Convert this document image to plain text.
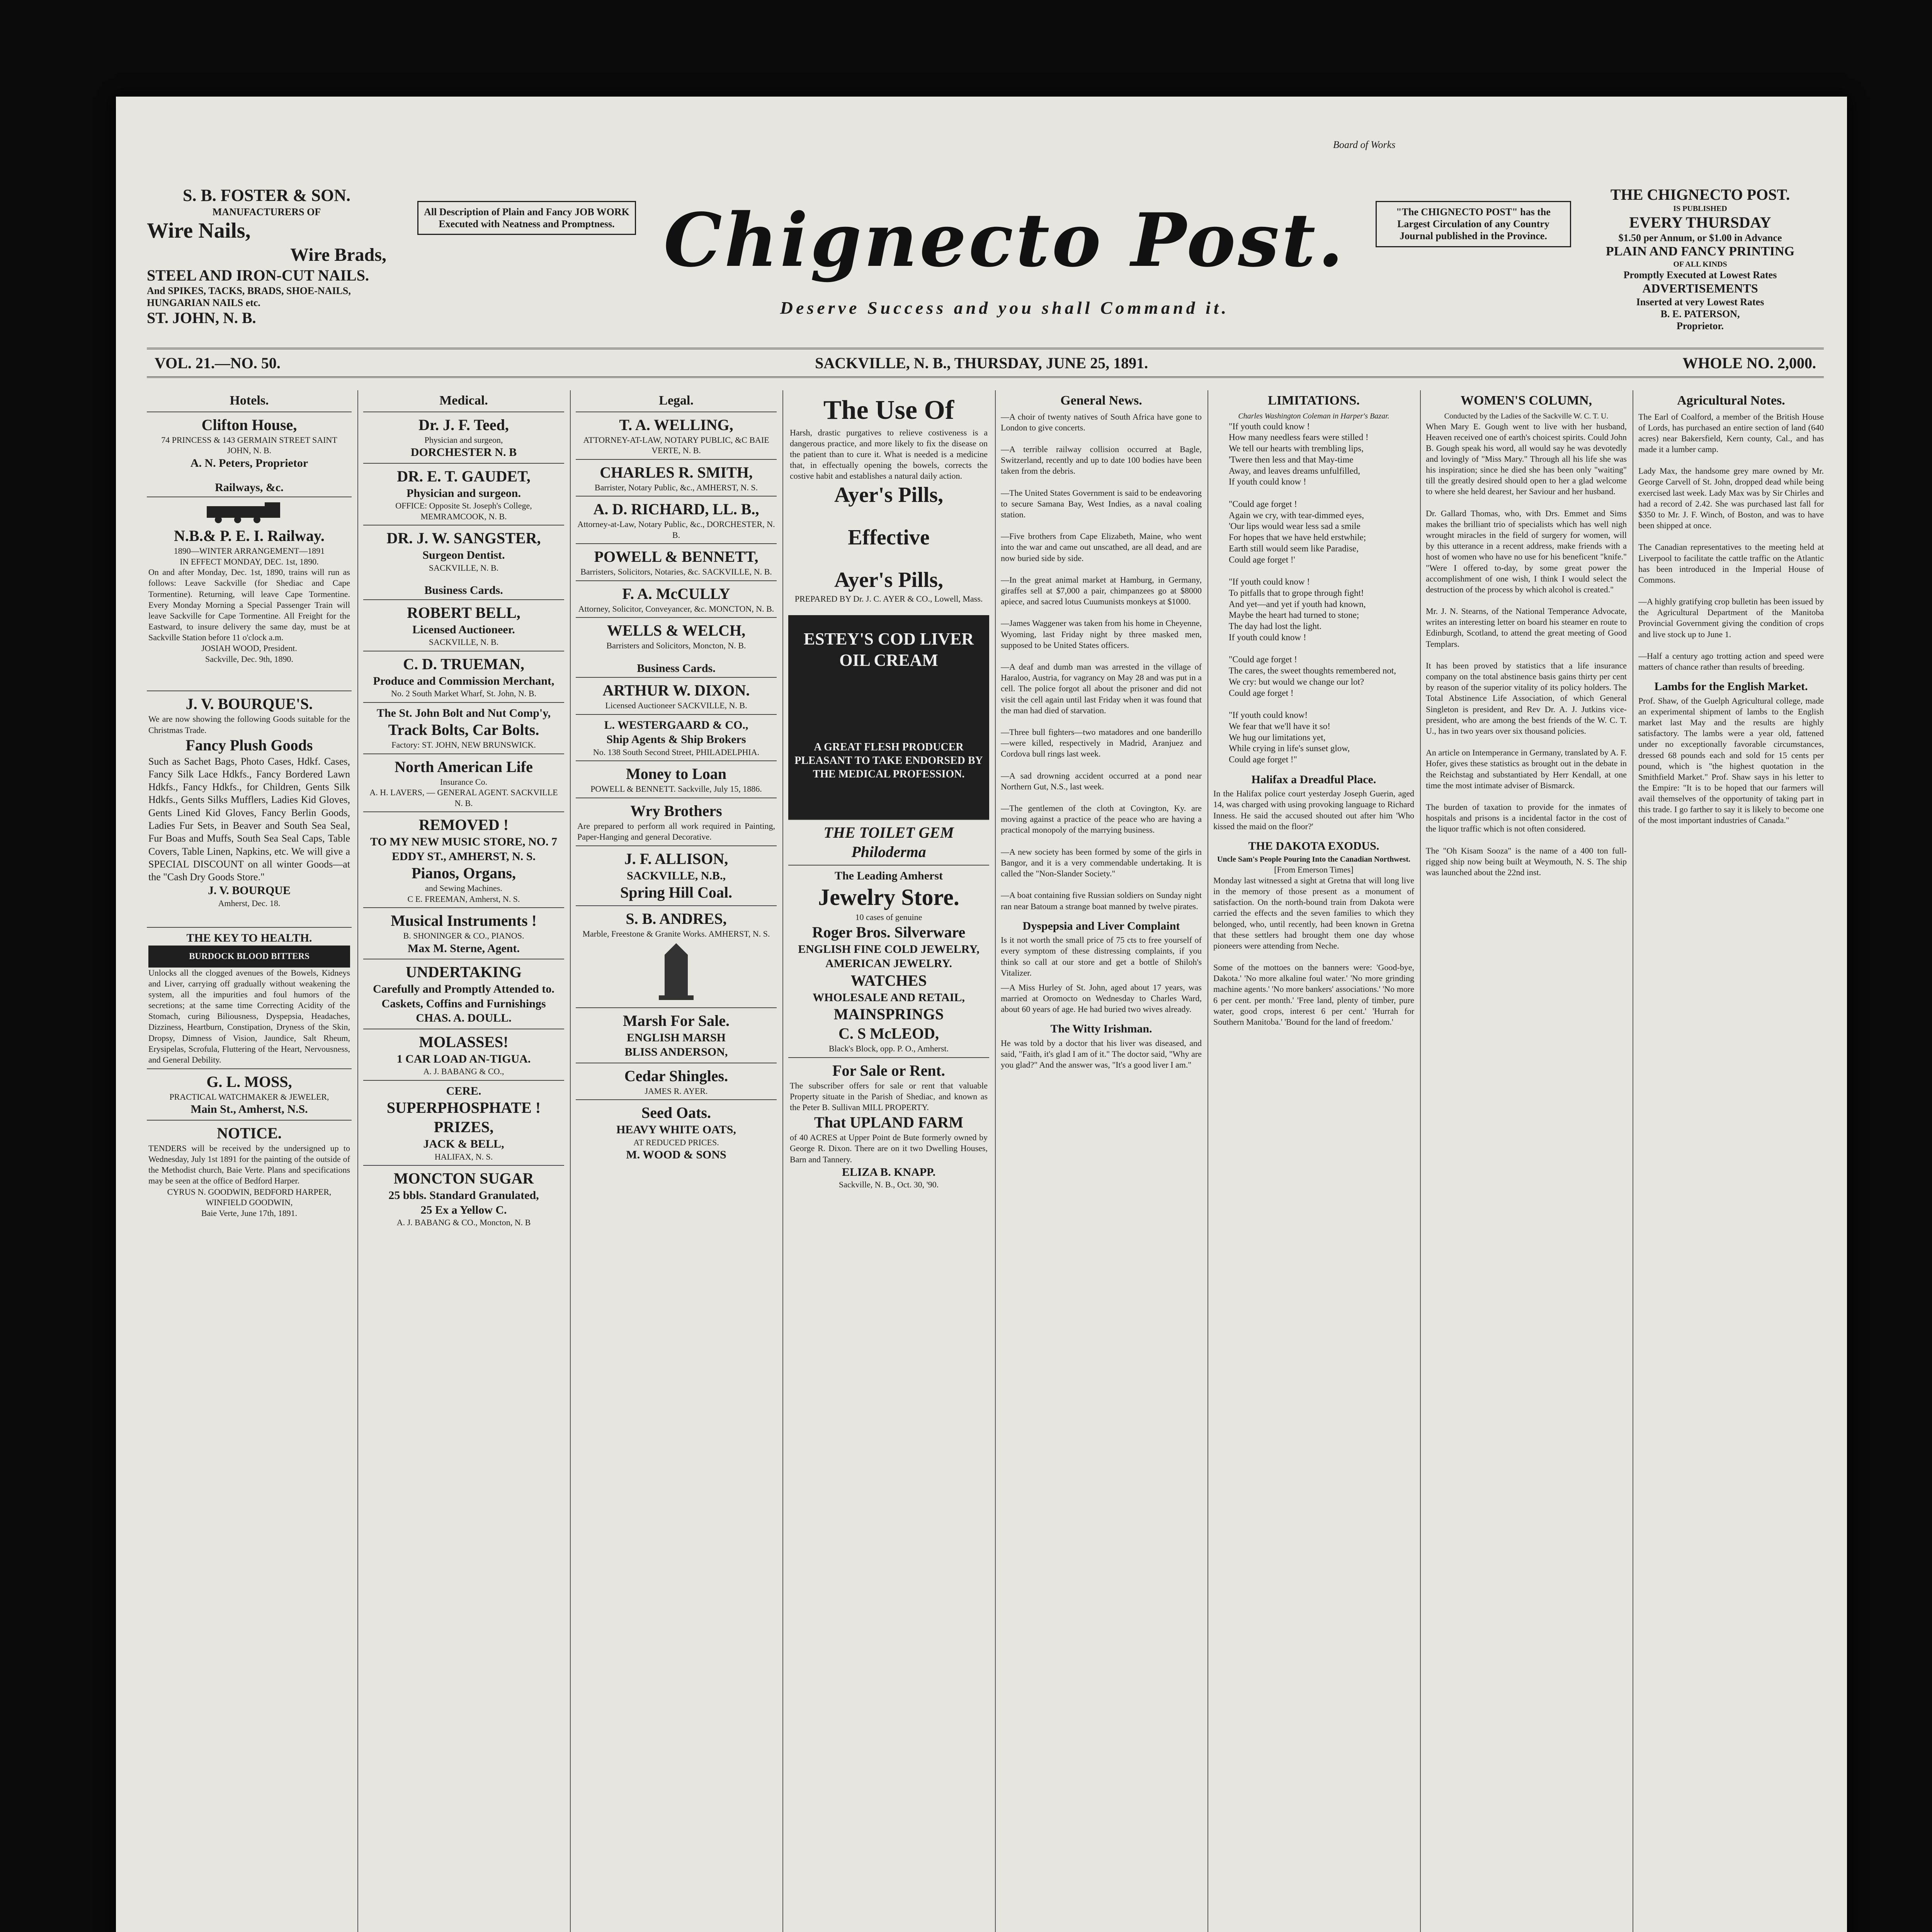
Board of Works
S. B. FOSTER & SON.
MANUFACTURERS OF
Wire Nails,
Wire Brads,
STEEL AND IRON-CUT NAILS.
And SPIKES, TACKS, BRADS, SHOE-NAILS, HUNGARIAN NAILS etc.
ST. JOHN, N. B.
All Description of Plain and Fancy JOB WORK Executed with Neatness and Promptness. Chignecto Post.
Deserve Success and you shall Command it.
"The CHIGNECTO POST" has the Largest Circulation of any Country Journal published in the Province.
THE CHIGNECTO POST.
IS PUBLISHED
EVERY THURSDAY
$1.50 per Annum, or $1.00 in Advance
PLAIN AND FANCY PRINTING
OF ALL KINDS
Promptly Executed at Lowest Rates
ADVERTISEMENTS
Inserted at very Lowest Rates
B. E. PATERSON,
Proprietor.
VOL. 21.—NO. 50.	SACKVILLE, N. B., THURSDAY, JUNE 25, 1891.	WHOLE NO. 2,000.
Hotels.
Clifton House,
74 PRINCESS & 143 GERMAIN STREET SAINT JOHN, N. B.
A. N. Peters, Proprietor
Railways, &c.
N.B.& P. E. I. Railway.
1890—WINTER ARRANGEMENT—1891
IN EFFECT MONDAY, DEC. 1st, 1890.
On and after Monday, Dec. 1st, 1890, trains will run as follows: Leave Sackville (for Shediac and Cape Tormentine). Returning, will leave Cape Tormentine. Every Monday Morning a Special Passenger Train will leave Sackville for Cape Tormentine. All Freight for the Eastward, to insure delivery the same day, must be at Sackville Station before 11 o'clock a.m.
JOSIAH WOOD, President.
Sackville, Dec. 9th, 1890.
J. V. BOURQUE'S.
We are now showing the following Goods suitable for the Christmas Trade.
Fancy Plush Goods
Such as Sachet Bags, Photo Cases, Hdkf. Cases, Fancy Silk Lace Hdkfs., Fancy Bordered Lawn Hdkfs., Fancy Hdkfs., for Children, Gents Silk Hdkfs., Gents Silks Mufflers, Ladies Kid Gloves, Gents Lined Kid Gloves, Fancy Berlin Goods, Ladies Fur Sets, in Beaver and South Sea Seal, Fur Boas and Muffs, South Sea Seal Caps, Table Covers, Table Linen, Napkins, etc. We will give a SPECIAL DISCOUNT on all winter Goods—at the "Cash Dry Goods Store."
J. V. BOURQUE
Amherst, Dec. 18.
THE KEY TO HEALTH.
BURDOCK BLOOD BITTERS
Unlocks all the clogged avenues of the Bowels, Kidneys and Liver, carrying off gradually without weakening the system, all the impurities and foul humors of the secretions; at the same time Correcting Acidity of the Stomach, curing Biliousness, Dyspepsia, Headaches, Dizziness, Heartburn, Constipation, Dryness of the Skin, Dropsy, Dimness of Vision, Jaundice, Salt Rheum, Erysipelas, Scrofula, Fluttering of the Heart, Nervousness, and General Debility.
G. L. MOSS,
PRACTICAL WATCHMAKER & JEWELER,
Main St., Amherst, N.S.
NOTICE.
TENDERS will be received by the undersigned up to Wednesday, July 1st 1891 for the painting of the outside of the Methodist church, Baie Verte. Plans and specifications may be seen at the office of Bedford Harper.
CYRUS N. GOODWIN, BEDFORD HARPER, WINFIELD GOODWIN,
Baie Verte, June 17th, 1891.
Medical.
Dr. J. F. Teed,
Physician and surgeon,
DORCHESTER N. B
DR. E. T. GAUDET,
Physician and surgeon.
OFFICE: Opposite St. Joseph's College, MEMRAMCOOK, N. B.
DR. J. W. SANGSTER,
Surgeon Dentist.
SACKVILLE, N. B.
Business Cards.
ROBERT BELL,
Licensed Auctioneer.
SACKVILLE, N. B.
C. D. TRUEMAN,
Produce and Commission Merchant,
No. 2 South Market Wharf, St. John, N. B.
The St. John Bolt and Nut Comp'y,
Track Bolts, Car Bolts.
Factory: ST. JOHN, NEW BRUNSWICK.
North American Life
Insurance Co.
A. H. LAVERS, — GENERAL AGENT. SACKVILLE N. B.
REMOVED !
TO MY NEW MUSIC STORE, NO. 7 EDDY ST., AMHERST, N. S.
Pianos, Organs,
and Sewing Machines.
C E. FREEMAN, Amherst, N. S.
Musical Instruments !
B. SHONINGER & CO., PIANOS.
Max M. Sterne, Agent.
UNDERTAKING
Carefully and Promptly Attended to.
Caskets, Coffins and Furnishings
CHAS. A. DOULL.
MOLASSES!
1 CAR LOAD AN-TIGUA.
A. J. BABANG & CO.,
CERE.
SUPERPHOSPHATE !
PRIZES,
JACK & BELL,
HALIFAX, N. S.
MONCTON SUGAR
25 bbls. Standard Granulated,
25 Ex a Yellow C.
A. J. BABANG & CO., Moncton, N. B
Legal.
T. A. WELLING,
ATTORNEY-AT-LAW, NOTARY PUBLIC, &C BAIE VERTE, N. B.
CHARLES R. SMITH,
Barrister, Notary Public, &c., AMHERST, N. S.
A. D. RICHARD, LL. B.,
Attorney-at-Law, Notary Public, &c., DORCHESTER, N. B.
POWELL & BENNETT,
Barristers, Solicitors, Notaries, &c. SACKVILLE, N. B.
F. A. McCULLY
Attorney, Solicitor, Conveyancer, &c. MONCTON, N. B.
WELLS & WELCH,
Barristers and Solicitors, Moncton, N. B.
Business Cards.
ARTHUR W. DIXON.
Licensed Auctioneer SACKVILLE, N. B.
L. WESTERGAARD & CO.,
Ship Agents & Ship Brokers
No. 138 South Second Street, PHILADELPHIA.
Money to Loan
POWELL & BENNETT. Sackville, July 15, 1886.
Wry Brothers
Are prepared to perform all work required in Painting, Paper-Hanging and general Decorative.
J. F. ALLISON,
SACKVILLE, N.B.,
Spring Hill Coal.
S. B. ANDRES,
Marble, Freestone & Granite Works. AMHERST, N. S.
Marsh For Sale.
ENGLISH MARSH
BLISS ANDERSON,
Cedar Shingles.
JAMES R. AYER.
Seed Oats.
HEAVY WHITE OATS,
AT REDUCED PRICES.
M. WOOD & SONS
The Use Of
Harsh, drastic purgatives to relieve costiveness is a dangerous practice, and more likely to fix the disease on the patient than to cure it. What is needed is a medicine that, in effectually opening the bowels, corrects the costive habit and establishes a natural daily action.
Ayer's Pills,
Effective
Ayer's Pills,
PREPARED BY Dr. J. C. AYER & CO., Lowell, Mass.
ESTEY'S COD LIVER OIL CREAM
A GREAT FLESH PRODUCER PLEASANT TO TAKE ENDORSED BY THE MEDICAL PROFESSION.
THE TOILET GEM Philoderma
The Leading Amherst
Jewelry Store.
10 cases of genuine
Roger Bros. Silverware
ENGLISH FINE COLD JEWELRY, AMERICAN JEWELRY.
WATCHES
WHOLESALE AND RETAIL,
MAINSPRINGS
C. S McLEOD,
Black's Block, opp. P. O., Amherst.
For Sale or Rent.
The subscriber offers for sale or rent that valuable Property situate in the Parish of Shediac, and known as the Peter B. Sullivan MILL PROPERTY.
That UPLAND FARM
of 40 ACRES at Upper Point de Bute formerly owned by George R. Dixon. There are on it two Dwelling Houses, Barn and Tannery.
ELIZA B. KNAPP.
Sackville, N. B., Oct. 30, '90.
General News.
—A choir of twenty natives of South Africa have gone to London to give concerts.

—A terrible railway collision occurred at Bagle, Switzerland, recently and up to date 100 bodies have been taken from the debris.

—The United States Government is said to be endeavoring to secure Samana Bay, West Indies, as a naval coaling station.

—Five brothers from Cape Elizabeth, Maine, who went into the war and came out unscathed, are all dead, and are now buried side by side.

—In the great animal market at Hamburg, in Germany, giraffes sell at $7,000 a pair, chimpanzees go at $8000 apiece, and sacred lotus Cuumunists monkeys at $1000.

—James Waggener was taken from his home in Cheyenne, Wyoming, last Friday night by three masked men, supposed to be United States officers.

—A deaf and dumb man was arrested in the village of Haraloo, Austria, for vagrancy on May 28 and was put in a cell. The police forgot all about the prisoner and did not visit the cell again until last Friday when it was found that the man had died of starvation.

—Three bull fighters—two matadores and one banderillo—were killed, respectively in Madrid, Aranjuez and Cordova bull rings last week.

—A sad drowning accident occurred at a pond near Northern Gut, N.S., last week.

—The gentlemen of the cloth at Covington, Ky. are moving against a practice of the peace who are having a practical monopoly of the marrying business.

—A new society has been formed by some of the girls in Bangor, and it is a very commendable undertaking. It is called the "Non-Slander Society."

—A boat containing five Russian soldiers on Sunday night ran near Batoum a strange boat manned by twelve pirates.
Dyspepsia and Liver Complaint
Is it not worth the small price of 75 cts to free yourself of every symptom of these distressing complaints, if you think so call at our store and get a bottle of Shiloh's Vitalizer.
—A Miss Hurley of St. John, aged about 17 years, was married at Oromocto on Wednesday to Charles Ward, about 60 years of age. He had buried two wives already.
The Witty Irishman.
He was told by a doctor that his liver was diseased, and said, "Faith, it's glad I am of it." The doctor said, "Why are you glad?" And the answer was, "It's a good liver I am."
LIMITATIONS.
Charles Washington Coleman in Harper's Bazar.
"If youth could know !
How many needless fears were stilled !
We tell our hearts with trembling lips,
'Twere then less and that May-time
Away, and leaves dreams unfulfilled,
If youth could know !

"Could age forget !
Again we cry, with tear-dimmed eyes,
'Our lips would wear less sad a smile
For hopes that we have held erstwhile;
Earth still would seem like Paradise,
Could age forget !'

"If youth could know !
To pitfalls that to grope through fight!
And yet—and yet if youth had known,
Maybe the heart had turned to stone;
The day had lost the light.
If youth could know !

"Could age forget !
The cares, the sweet thoughts remembered not,
We cry: but would we change our lot?
Could age forget !

"If youth could know!
We fear that we'll have it so!
We hug our limitations yet,
While crying in life's sunset glow,
Could age forget !"
Halifax a Dreadful Place.
In the Halifax police court yesterday Joseph Guerin, aged 14, was charged with using provoking language to Richard Inness. He said the accused shouted out after him 'Who kissed the maid on the floor?'
THE DAKOTA EXODUS.
Uncle Sam's People Pouring Into the Canadian Northwest.
[From Emerson Times]
Monday last witnessed a sight at Gretna that will long live in the memory of those present as a monument of satisfaction. On the north-bound train from Dakota were carried the effects and the seven families to which they belonged, who, until recently, had been known in Gretna that these settlers had brought them one day whose pioneers were attending from Neche.

Some of the mottoes on the banners were: 'Good-bye, Dakota.' 'No more alkaline foul water.' 'No more grinding machine agents.' 'No more bankers' associations.' 'No more 6 per cent. per month.' 'Free land, plenty of timber, pure water, good crops, interest 6 per cent.' 'Hurrah for Southern Manitoba.' 'Bound for the land of freedom.'
WOMEN'S COLUMN,
Conducted by the Ladies of the Sackville W. C. T. U.
When Mary E. Gough went to live with her husband, Heaven received one of earth's choicest spirits. Could John B. Gough speak his word, all would say he was devotedly and lovingly of "Miss Mary." Through all his life she was his inspiration; since he died she has been only "waiting" till the greatly desired should open to her a glad welcome to where she held dearest, her Saviour and her husband.

Dr. Gallard Thomas, who, with Drs. Emmet and Sims makes the brilliant trio of specialists which has well nigh wrought miracles in the field of surgery for women, will by this utterance in a recent address, make friends with a host of women who have no use for his beneficent "knife." "Were I offered to-day, by some great power the accomplishment of one wish, I think I would select the destruction of the process by which alcohol is created."

Mr. J. N. Stearns, of the National Temperance Advocate, writes an interesting letter on board his steamer en route to Edinburgh, Scotland, to attend the great meeting of Good Templars.

It has been proved by statistics that a life insurance company on the total abstinence basis gains thirty per cent by reason of the superior vitality of its policy holders. The Total Abstinence Life Association, of which General Singleton is president, and Rev Dr. A. J. Jutkins vice-president, who are among the best friends of the W. C. T. U., has in two years over six thousand policies.

An article on Intemperance in Germany, translated by A. F. Hofer, gives these statistics as brought out in the debate in the Reichstag and substantiated by Herr Kendall, at one time the most intimate adviser of Bismarck.

The burden of taxation to provide for the inmates of hospitals and prisons is a incidental factor in the cost of the liquor traffic which is not often considered.

The "Oh Kisam Sooza" is the name of a 400 ton full-rigged ship now being built at Weymouth, N. S. The ship was launched about the 22nd inst.
Agricultural Notes.
The Earl of Coalford, a member of the British House of Lords, has purchased an entire section of land (640 acres) near Bakersfield, Kern county, Cal., and has made it a lumber camp.

Lady Max, the handsome grey mare owned by Mr. George Carvell of St. John, dropped dead while being exercised last week. Lady Max was by Sir Chirles and had a record of 2.42. She was purchased last fall for $350 to Mr. J. F. Winch, of Boston, and was to have been shipped at once.

The Canadian representatives to the meeting held at Liverpool to facilitate the cattle traffic on the Atlantic has been introduced in the Imperial House of Commons.

—A highly gratifying crop bulletin has been issued by the Agricultural Department of the Manitoba Provincial Government giving the condition of crops and live stock up to June 1.

—Half a century ago trotting action and speed were matters of chance rather than results of breeding.
Lambs for the English Market.
Prof. Shaw, of the Guelph Agricultural college, made an experimental shipment of lambs to the English market last May and the results are highly satisfactory. The lambs were a year old, fattened under no exceptionally favorable circumstances, dressed 68 pounds each and sold for 15 cents per pound, which is "the highest quotation in the Smithfield Market." Prof. Shaw says in his letter to the Empire: "It is to be hoped that our farmers will avail themselves of the opportunity of taking part in this trade. I go farther to say it is likely to become one of the most important industries of Canada."
